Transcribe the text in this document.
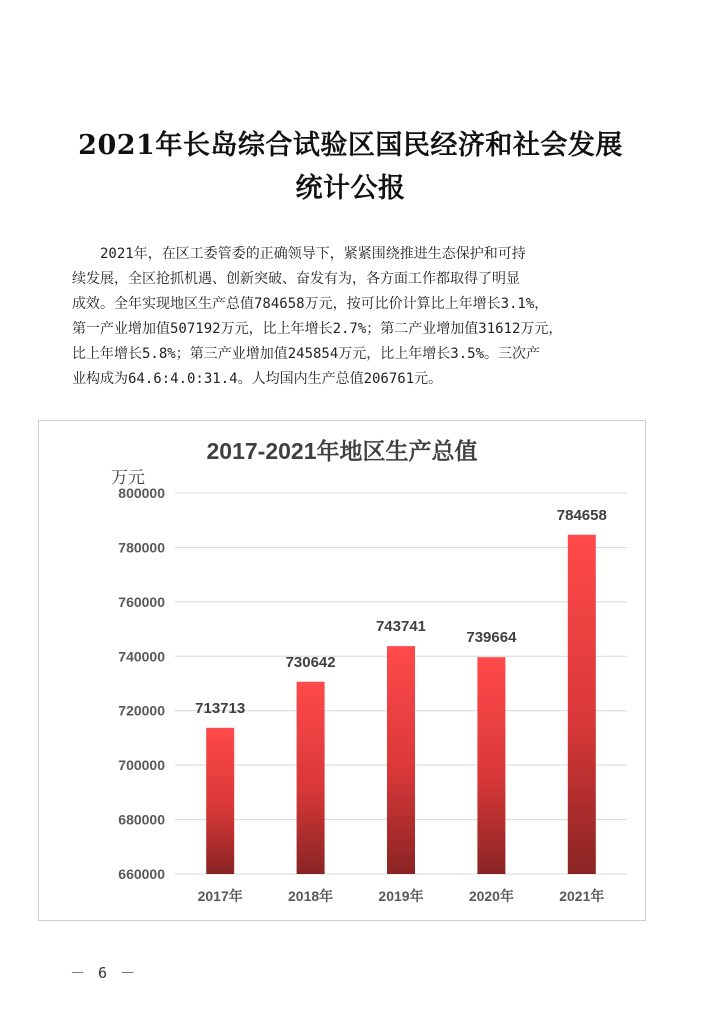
2021年长岛综合试验区国民经济和社会发展
统计公报
　　2021年，在区工委管委的正确领导下，紧紧围绕推进生态保护和可持
续发展，全区抢抓机遇、创新突破、奋发有为，各方面工作都取得了明显
成效。全年实现地区生产总值784658万元，按可比价计算比上年增长3.1%，
第一产业增加值507192万元，比上年增长2.7%；第二产业增加值31612万元，
比上年增长5.8%；第三产业增加值245854万元，比上年增长3.5%。三次产
业构成为64.6:4.0:31.4。人均国内生产总值206761元。
660000
680000
700000
720000
740000
760000
780000
800000
713713
2017年
730642
2018年
743741
2019年
739664
2020年
784658
2021年
2017-2021年地区生产总值
万元
－ 6 －
